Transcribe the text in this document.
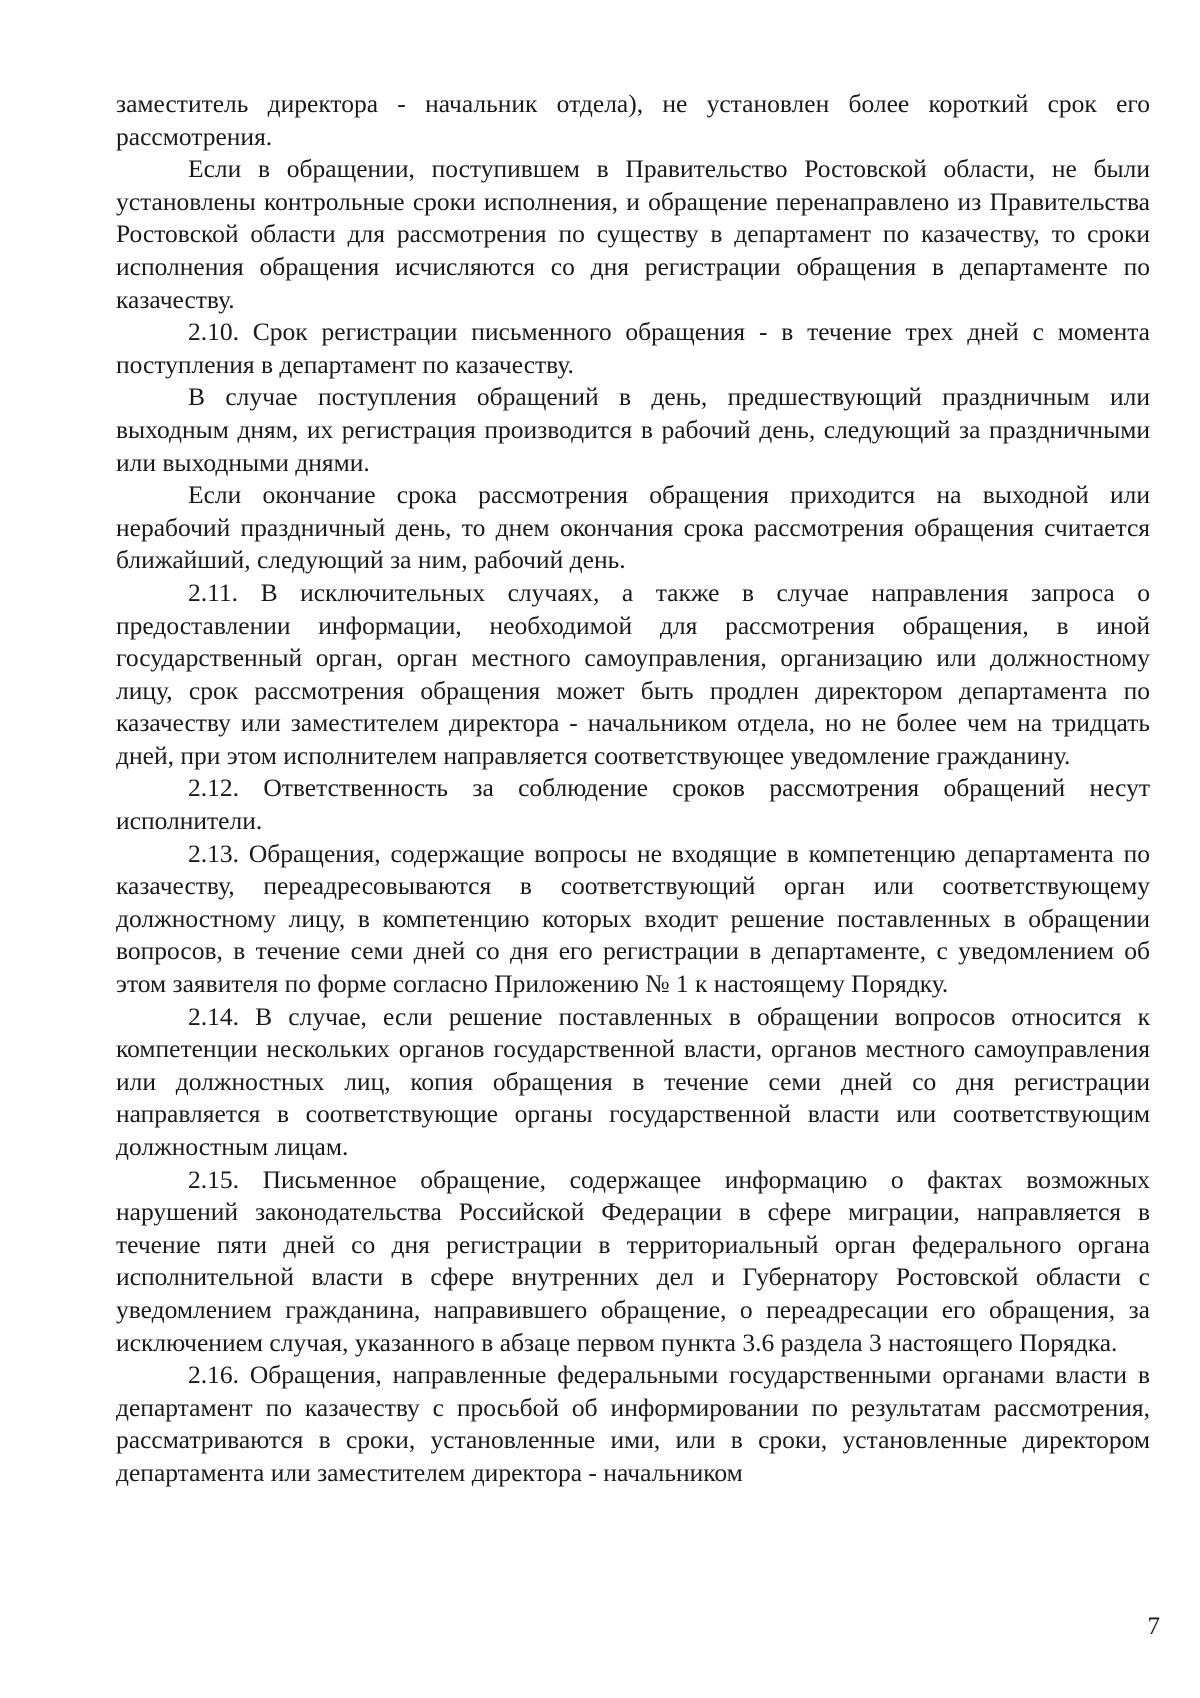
заместитель директора - начальник отдела), не установлен более короткий срок его рассмотрения.

Если в обращении, поступившем в Правительство Ростовской области, не были установлены контрольные сроки исполнения, и обращение перенаправлено из Правительства Ростовской области для рассмотрения по существу в департамент по казачеству, то сроки исполнения обращения исчисляются со дня регистрации обращения в департаменте по казачеству.

2.10. Срок регистрации письменного обращения - в течение трех дней с момента поступления в департамент по казачеству.

В случае поступления обращений в день, предшествующий праздничным или выходным дням, их регистрация производится в рабочий день, следующий за праздничными или выходными днями.

Если окончание срока рассмотрения обращения приходится на выходной или нерабочий праздничный день, то днем окончания срока рассмотрения обращения считается ближайший, следующий за ним, рабочий день.

2.11. В исключительных случаях, а также в случае направления запроса о предоставлении информации, необходимой для рассмотрения обращения, в иной государственный орган, орган местного самоуправления, организацию или должностному лицу, срок рассмотрения обращения может быть продлен директором департамента по казачеству или заместителем директора - начальником отдела, но не более чем на тридцать дней, при этом исполнителем направляется соответствующее уведомление гражданину.

2.12. Ответственность за соблюдение сроков рассмотрения обращений несут исполнители.

2.13. Обращения, содержащие вопросы не входящие в компетенцию департамента по казачеству, переадресовываются в соответствующий орган или соответствующему должностному лицу, в компетенцию которых входит решение поставленных в обращении вопросов, в течение семи дней со дня его регистрации в департаменте, с уведомлением об этом заявителя по форме согласно Приложению № 1 к настоящему Порядку.

2.14. В случае, если решение поставленных в обращении вопросов относится к компетенции нескольких органов государственной власти, органов местного самоуправления или должностных лиц, копия обращения в течение семи дней со дня регистрации направляется в соответствующие органы государственной власти или соответствующим должностным лицам.

2.15. Письменное обращение, содержащее информацию о фактах возможных нарушений законодательства Российской Федерации в сфере миграции, направляется в течение пяти дней со дня регистрации в территориальный орган федерального органа исполнительной власти в сфере внутренних дел и Губернатору Ростовской области с уведомлением гражданина, направившего обращение, о переадресации его обращения, за исключением случая, указанного в абзаце первом пункта 3.6 раздела 3 настоящего Порядка.

2.16. Обращения, направленные федеральными государственными органами власти в департамент по казачеству с просьбой об информировании по результатам рассмотрения, рассматриваются в сроки, установленные ими, или в сроки, установленные директором департамента или заместителем директора - начальником

7
